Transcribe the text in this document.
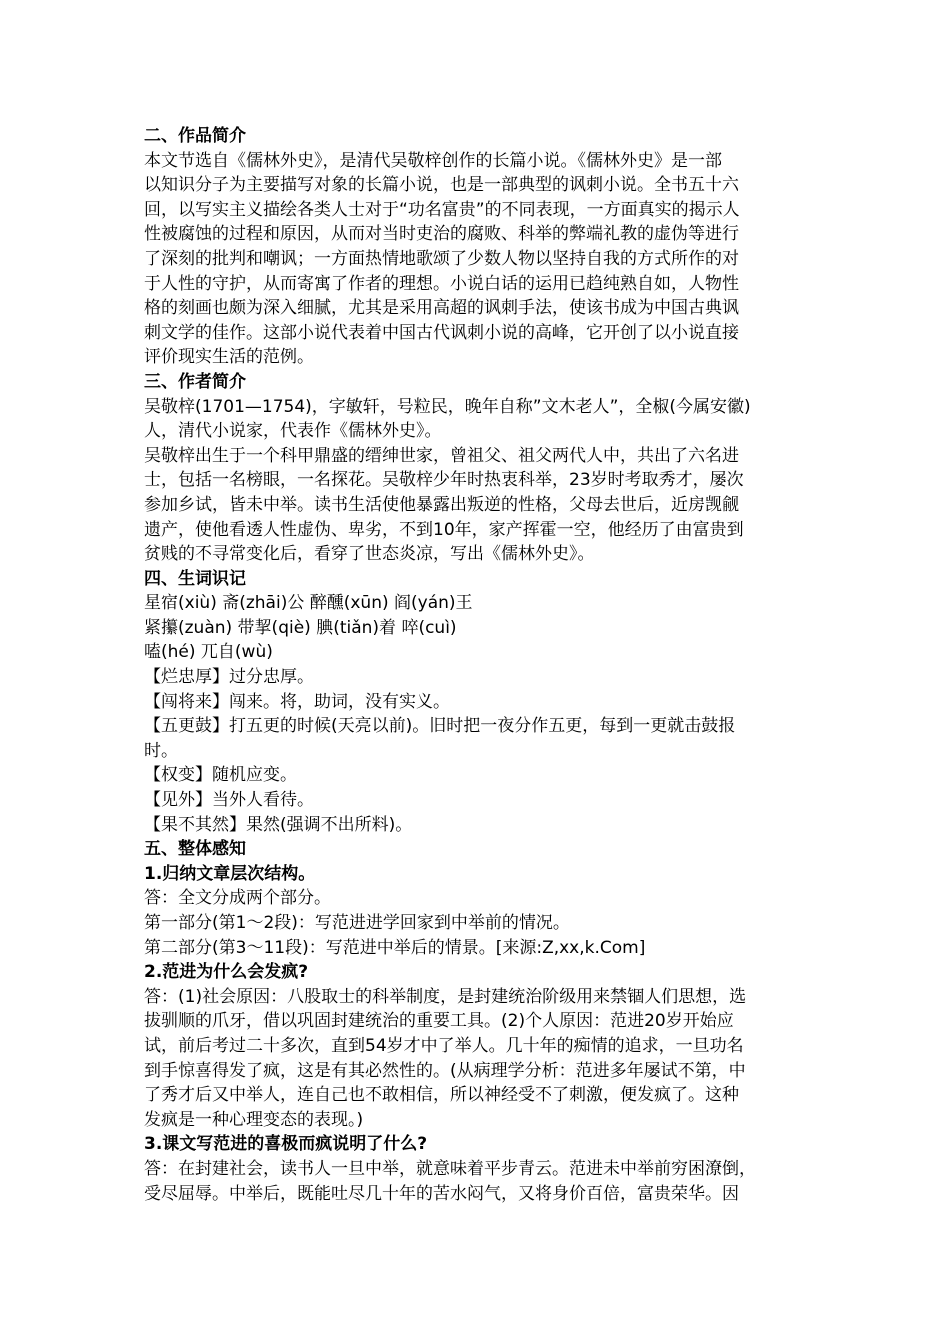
二、作品简介
本文节选自《儒林外史》，是清代吴敬梓创作的长篇小说。《儒林外史》是一部
以知识分子为主要描写对象的长篇小说，也是一部典型的讽刺小说。全书五十六
回，以写实主义描绘各类人士对于“功名富贵”的不同表现，一方面真实的揭示人
性被腐蚀的过程和原因，从而对当时吏治的腐败、科举的弊端礼教的虚伪等进行
了深刻的批判和嘲讽；一方面热情地歌颂了少数人物以坚持自我的方式所作的对
于人性的守护，从而寄寓了作者的理想。小说白话的运用已趋纯熟自如，人物性
格的刻画也颇为深入细腻，尤其是采用高超的讽刺手法，使该书成为中国古典讽
刺文学的佳作。这部小说代表着中国古代讽刺小说的高峰，它开创了以小说直接
评价现实生活的范例。
三、作者简介
吴敬梓(1701—1754)，字敏轩，号粒民，晚年自称”文木老人”，全椒(今属安徽)
人，清代小说家，代表作《儒林外史》。
吴敬梓出生于一个科甲鼎盛的缙绅世家，曾祖父、祖父两代人中，共出了六名进
士，包括一名榜眼，一名探花。吴敬梓少年时热衷科举，23岁时考取秀才，屡次
参加乡试，皆未中举。读书生活使他暴露出叛逆的性格，父母去世后，近房觊觎
遗产，使他看透人性虚伪、卑劣，不到10年，家产挥霍一空，他经历了由富贵到
贫贱的不寻常变化后，看穿了世态炎凉，写出《儒林外史》。
四、生词识记
星宿(xiù) 斋(zhāi)公 醉醺(xūn) 阎(yán)王
紧攥(zuàn) 带挈(qiè) 腆(tiǎn)着 啐(cuì)
嗑(hé) 兀自(wù)
【烂忠厚】过分忠厚。
【闯将来】闯来。将，助词，没有实义。
【五更鼓】打五更的时候(天亮以前)。旧时把一夜分作五更，每到一更就击鼓报
时。
【权变】随机应变。
【见外】当外人看待。
【果不其然】果然(强调不出所料)。
五、整体感知
1.归纳文章层次结构。
答：全文分成两个部分。
第一部分(第1～2段)：写范进进学回家到中举前的情况。
第二部分(第3～11段)：写范进中举后的情景。[来源:Z,xx,k.Com]
2.范进为什么会发疯?
答：(1)社会原因：八股取士的科举制度，是封建统治阶级用来禁锢人们思想，选
拔驯顺的爪牙，借以巩固封建统治的重要工具。(2)个人原因：范进20岁开始应
试，前后考过二十多次，直到54岁才中了举人。几十年的痴情的追求，一旦功名
到手惊喜得发了疯，这是有其必然性的。(从病理学分析：范进多年屡试不第，中
了秀才后又中举人，连自己也不敢相信，所以神经受不了刺激，便发疯了。这种
发疯是一种心理变态的表现。)
3.课文写范进的喜极而疯说明了什么?
答：在封建社会，读书人一旦中举，就意味着平步青云。范进未中举前穷困潦倒，
受尽屈辱。中举后，既能吐尽几十年的苦水闷气，又将身价百倍，富贵荣华。因
